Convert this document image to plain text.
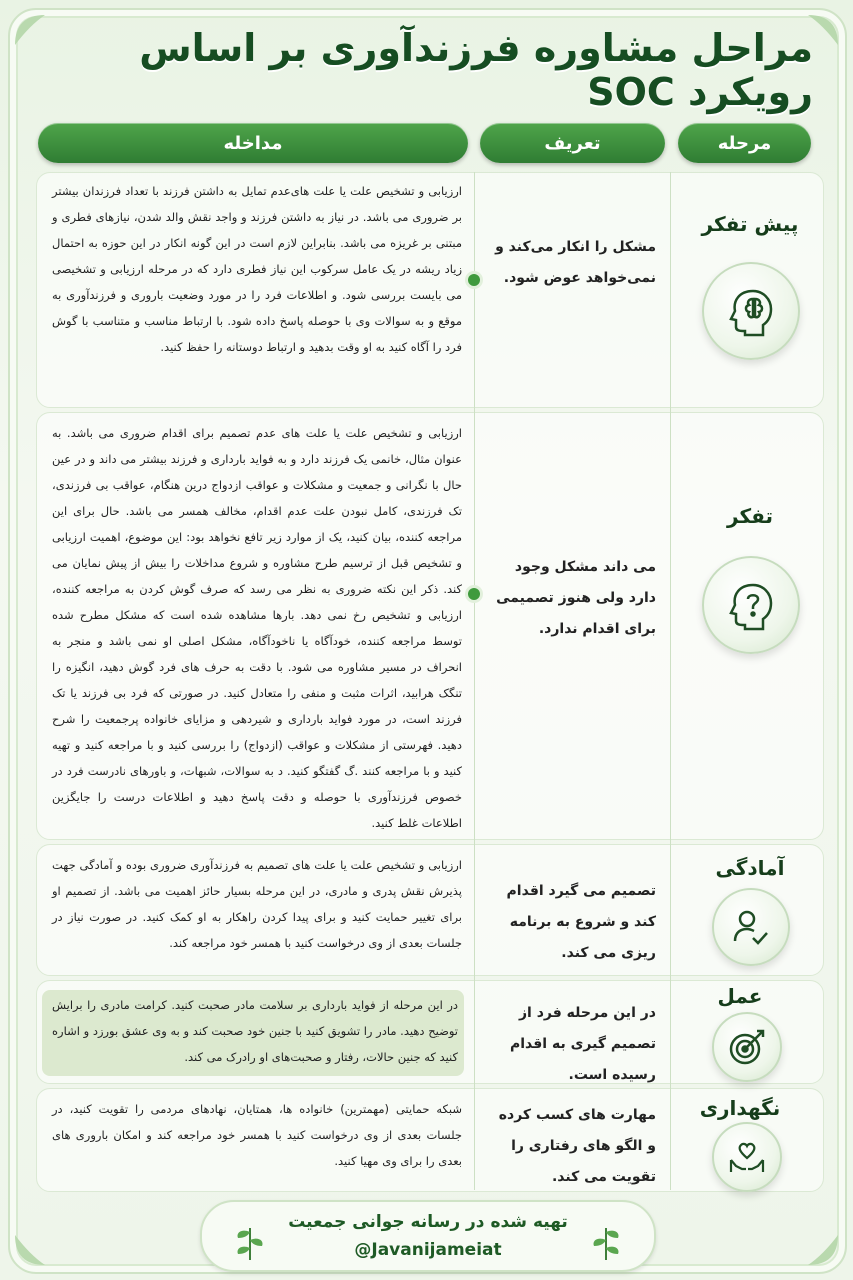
مراحل مشاوره فرزندآوری بر اساس رویکرد SOC
مرحله
تعریف
مداخله
پیش تفکر
مشکل را انکار می‌کند و نمی‌خواهد عوض شود.
ارزیابی و تشخیص علت یا علت های‌عدم تمایل به داشتن فرزند با تعداد فرزندان بیشتر بر ضروری می باشد. در نیاز به داشتن فرزند و واجد نقش والد شدن، نیازهای فطری و مبتنی بر غریزه می باشد. بنابراین لازم است در این گونه انکار در این حوزه به احتمال زیاد ریشه در یک عامل سرکوب این نیاز فطری دارد که در مرحله ارزیابی و تشخیصی می بایست بررسی شود. و اطلاعات فرد را در مورد وضعیت باروری و فرزندآوری به موقع و به سوالات وی با حوصله پاسخ داده شود. با ارتباط مناسب و متناسب با گوش فرد را آگاه کنید به او وقت بدهید و ارتباط دوستانه را حفظ کنید.
تفکر
می داند مشکل وجود دارد ولی هنوز تصمیمی برای اقدام ندارد.
ارزیابی و تشخیص علت یا علت های عدم تصمیم برای اقدام ضروری می باشد. به عنوان مثال، خانمی یک فرزند دارد و به فواید بارداری و فرزند بیشتر می داند و در عین حال با نگرانی و جمعیت و مشکلات و عواقب ازدواج درین هنگام، عواقب بی فرزندی، تک فرزندی، کامل نبودن علت عدم اقدام، مخالف همسر می باشد. حال برای این مراجعه کننده، بیان کنید، یک از موارد زیر تافع نخواهد بود: این موضوع، اهمیت ارزیابی و تشخیص قبل از ترسیم طرح مشاوره و شروع مداخلات را بیش از پیش نمایان می کند. ذکر این نکته ضروری به نظر می رسد که صرف گوش کردن به مراجعه کننده، ارزیابی و تشخیص رخ نمی دهد. بارها مشاهده شده است که مشکل مطرح شده توسط مراجعه کننده، خودآگاه یا ناخودآگاه، مشکل اصلی او نمی باشد و منجر به انحراف در مسیر مشاوره می شود. با دقت به حرف های فرد گوش دهید، انگیزه را تنگک هرابید، اثرات مثبت و منفی را متعادل کنید. در صورتی که فرد بی فرزند یا تک فرزند است، در مورد فواید بارداری و شیردهی و مزایای خانواده پرجمعیت را شرح دهید. فهرستی از مشکلات و عواقب (ازدواج) را بررسی کنید و با مراجعه کنید و تهیه کنید و با مراجعه کنند .گ گفتگو کنید. د به سوالات، شبهات، و باورهای نادرست فرد در خصوص فرزندآوری با حوصله و دقت پاسخ دهید و اطلاعات درست را جایگزین اطلاعات غلط کنید.
آمادگی
تصمیم می گیرد اقدام کند و شروع به برنامه ریزی می کند.
ارزیابی و تشخیص علت یا علت های تصمیم به فرزندآوری ضروری بوده و آمادگی جهت پذیرش نقش پدری و مادری، در این مرحله بسیار حائز اهمیت می باشد. از تصمیم او برای تغییر حمایت کنید و برای پیدا کردن راهکار به او کمک کنید. در صورت نیاز در جلسات بعدی از وی درخواست کنید با همسر خود مراجعه کند.
عمل
در این مرحله فرد از تصمیم گیری به اقدام رسیده است.
در این مرحله از فواید بارداری بر سلامت مادر صحبت کنید. کرامت مادری را برایش توضیح دهید. مادر را تشویق کنید با جنین خود صحبت کند و به وی عشق بورزد و اشاره کنید که جنین حالات، رفتار و صحبت‌های او رادرک می کند.
نگهداری
مهارت های کسب کرده و الگو های رفتاری را تقویت می کند.
شبکه حمایتی (مهمترین) خانواده ها، همتایان، نهادهای مردمی را تقویت کنید، در جلسات بعدی از وی درخواست کنید با همسر خود مراجعه کند و امکان باروری های بعدی را برای وی مهیا کنید.
تهیه شده در رسانه جوانی جمعیت
@Javanijameiat
